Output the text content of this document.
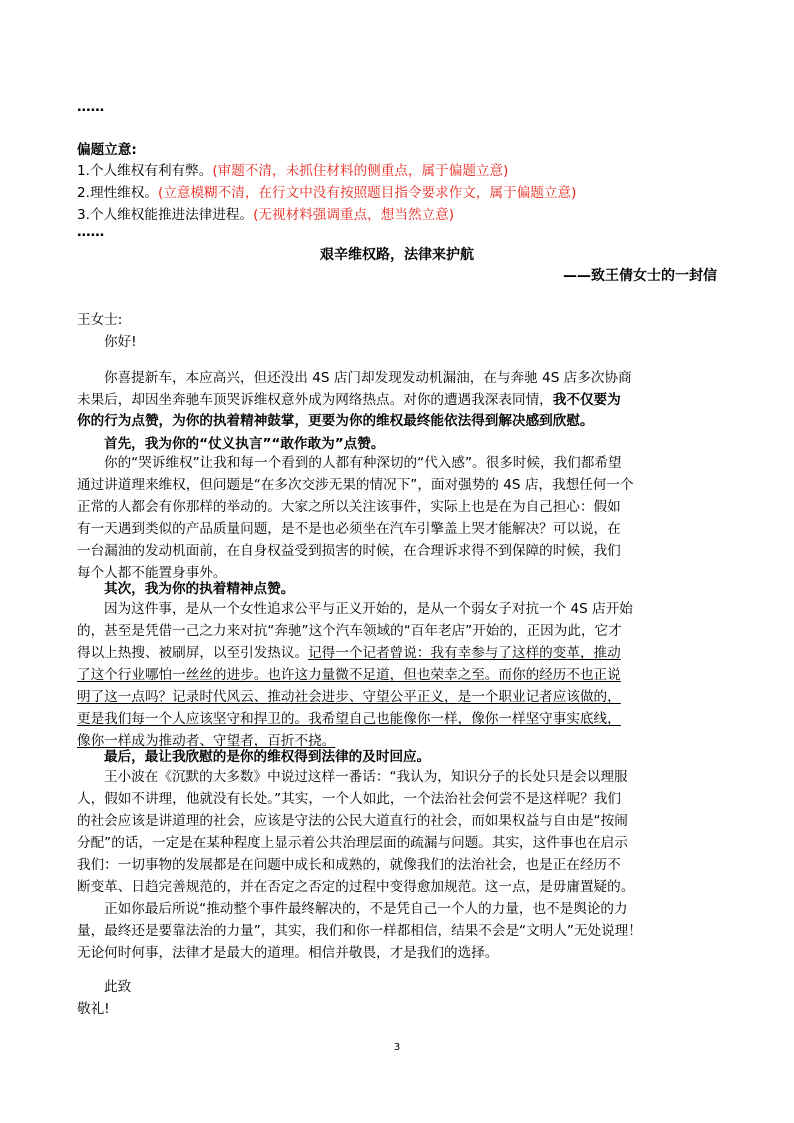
……
偏题立意:
1.个人维权有利有弊。(审题不清，未抓住材料的侧重点，属于偏题立意)
2.理性维权。(立意模糊不清，在行文中没有按照题目指令要求作文，属于偏题立意)
3.个人维权能推进法律进程。(无视材料强调重点，想当然立意)
……
艰辛维权路，法律来护航
——致王倩女士的一封信
王女士:
你好!
你喜提新车，本应高兴，但还没出 4S 店门却发现发动机漏油，在与奔驰 4S 店多次协商
未果后，却因坐奔驰车顶哭诉维权意外成为网络热点。对你的遭遇我深表同情，我不仅要为
你的行为点赞，为你的执着精神鼓掌，更要为你的维权最终能依法得到解决感到欣慰。
首先，我为你的“仗义执言”“敢作敢为”点赞。
你的“哭诉维权”让我和每一个看到的人都有种深切的“代入感”。很多时候，我们都希望
通过讲道理来维权，但问题是“在多次交涉无果的情况下”，面对强势的 4S 店，我想任何一个
正常的人都会有你那样的举动的。大家之所以关注该事件，实际上也是在为自己担心：假如
有一天遇到类似的产品质量问题，是不是也必须坐在汽车引擎盖上哭才能解决？可以说，在
一台漏油的发动机面前，在自身权益受到损害的时候，在合理诉求得不到保障的时候，我们
每个人都不能置身事外。
其次，我为你的执着精神点赞。
因为这件事，是从一个女性追求公平与正义开始的，是从一个弱女子对抗一个 4S 店开始
的，甚至是凭借一己之力来对抗“奔驰”这个汽车领域的“百年老店”开始的，正因为此，它才
得以上热搜、被刷屏，以至引发热议。记得一个记者曾说：我有幸参与了这样的变革，推动
了这个行业哪怕一丝丝的进步。也许这力量微不足道，但也荣幸之至。而你的经历不也正说
明了这一点吗？记录时代风云、推动社会进步、守望公平正义，是一个职业记者应该做的，
更是我们每一个人应该坚守和捍卫的。我希望自己也能像你一样，像你一样坚守事实底线，
像你一样成为推动者、守望者，百折不挠。
最后，最让我欣慰的是你的维权得到法律的及时回应。
王小波在《沉默的大多数》中说过这样一番话：“我认为，知识分子的长处只是会以理服
人，假如不讲理，他就没有长处。”其实，一个人如此，一个法治社会何尝不是这样呢？我们
的社会应该是讲道理的社会，应该是守法的公民大道直行的社会，而如果权益与自由是“按闹
分配”的话，一定是在某种程度上显示着公共治理层面的疏漏与问题。其实，这件事也在启示
我们：一切事物的发展都是在问题中成长和成熟的，就像我们的法治社会，也是正在经历不
断变革、日趋完善规范的，并在否定之否定的过程中变得愈加规范。这一点，是毋庸置疑的。
正如你最后所说“推动整个事件最终解决的，不是凭自己一个人的力量，也不是舆论的力
量，最终还是要靠法治的力量”，其实，我们和你一样都相信，结果不会是“文明人”无处说理！
无论何时何事，法律才是最大的道理。相信并敬畏，才是我们的选择。
此致
敬礼!
3
